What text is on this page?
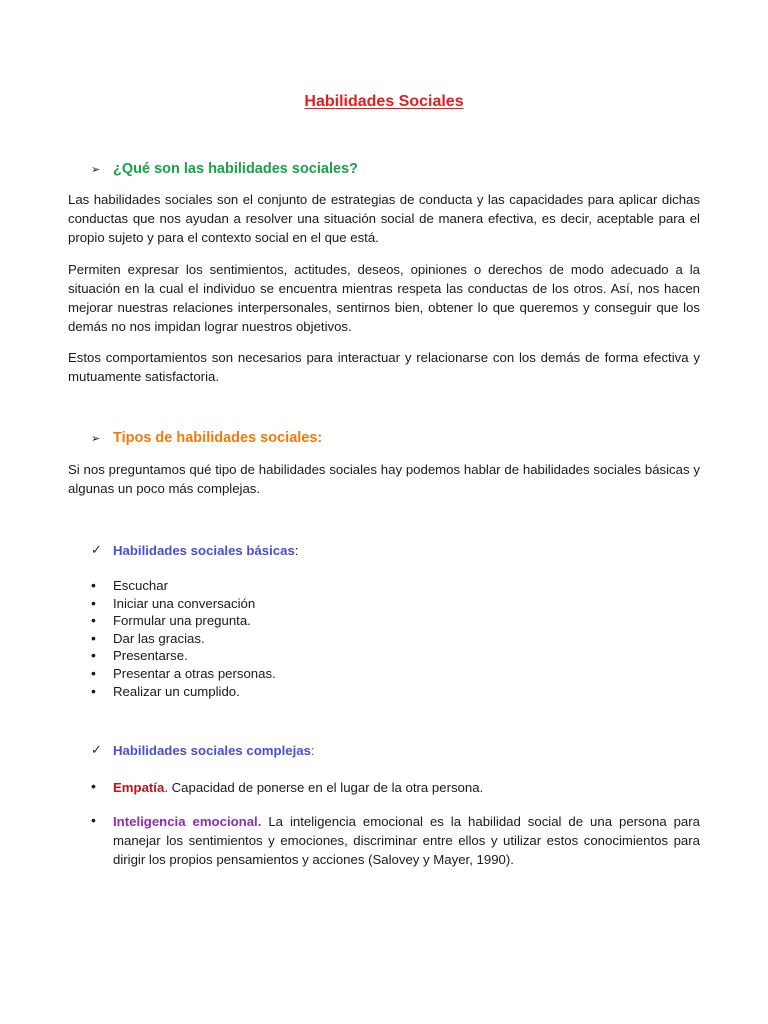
Habilidades Sociales
➢ ¿Qué son las habilidades sociales?

Las habilidades sociales son el conjunto de estrategias de conducta y las capacidades para aplicar dichas conductas que nos ayudan a resolver una situación social de manera efectiva, es decir, aceptable para el propio sujeto y para el contexto social en el que está.

Permiten expresar los sentimientos, actitudes, deseos, opiniones o derechos de modo adecuado a la situación en la cual el individuo se encuentra mientras respeta las conductas de los otros. Así, nos hacen mejorar nuestras relaciones interpersonales, sentirnos bien, obtener lo que queremos y conseguir que los demás no nos impidan lograr nuestros objetivos.

Estos comportamientos son necesarios para interactuar y relacionarse con los demás de forma efectiva y mutuamente satisfactoria.

➢ Tipos de habilidades sociales:

Si nos preguntamos qué tipo de habilidades sociales hay podemos hablar de habilidades sociales básicas y algunas un poco más complejas.

✓ Habilidades sociales básicas :
• Escuchar
• Iniciar una conversación
• Formular una pregunta.
• Dar las gracias.
• Presentarse.
• Presentar a otras personas.
• Realizar un cumplido.
✓ Habilidades sociales complejas :
• Empatía. Capacidad de ponerse en el lugar de la otra persona.
• Inteligencia emocional. La inteligencia emocional es la habilidad social de una persona para manejar los sentimientos y emociones, discriminar entre ellos y utilizar estos conocimientos para dirigir los propios pensamientos y acciones (Salovey y Mayer, 1990).
